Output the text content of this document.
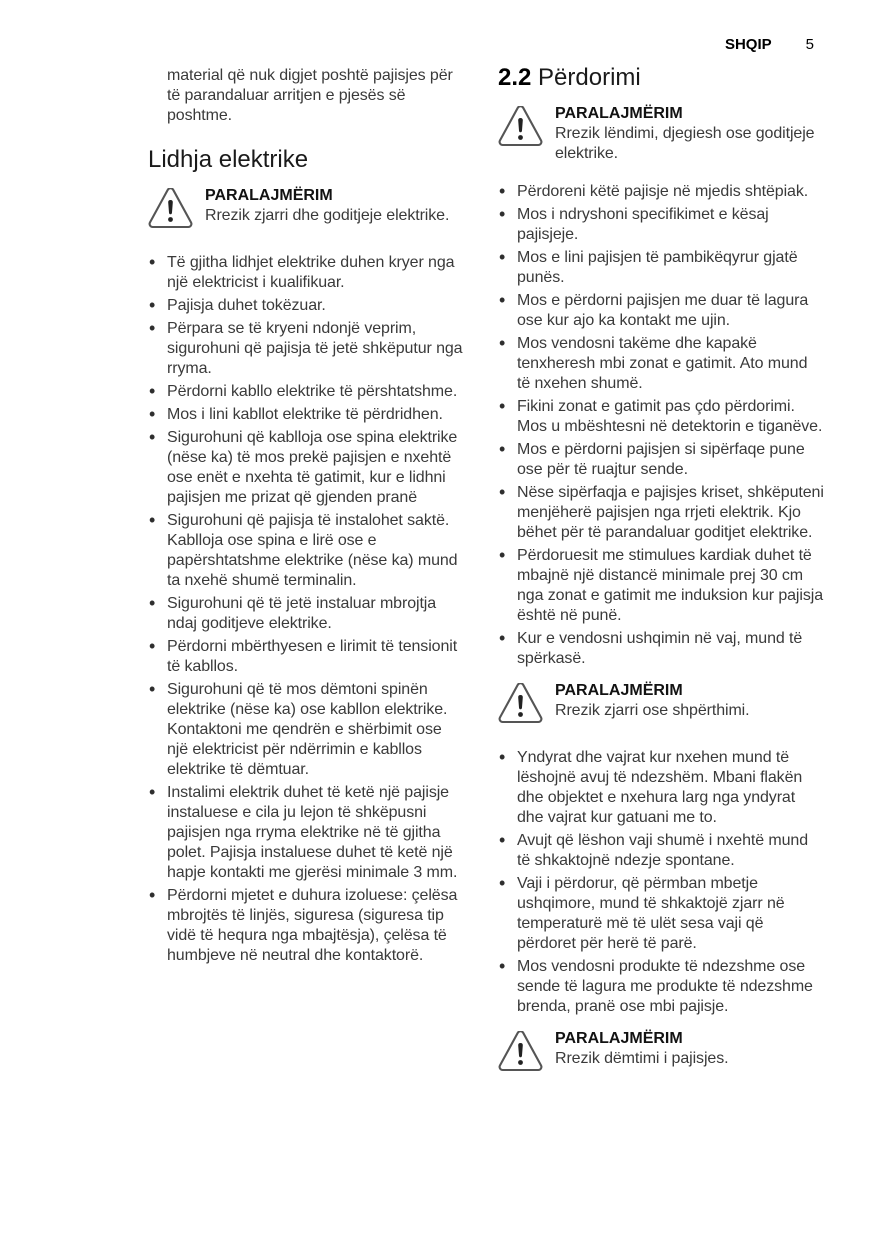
SHQIP 5

material që nuk digjet poshtë pajisjes për të parandaluar arritjen e pjesës së poshtme.

Lidhja elektrike
PARALAJMËRIM
Rrezik zjarri dhe goditjeje elektrike.
• Të gjitha lidhjet elektrike duhen kryer nga një elektricist i kualifikuar.
• Pajisja duhet tokëzuar.
• Përpara se të kryeni ndonjë veprim, sigurohuni që pajisja të jetë shkëputur nga rryma.
• Përdorni kabllo elektrike të përshtatshme.
• Mos i lini kabllot elektrike të përdridhen.
• Sigurohuni që kablloja ose spina elektrike (nëse ka) të mos prekë pajisjen e nxehtë ose enët e nxehta të gatimit, kur e lidhni pajisjen me prizat që gjenden pranë
• Sigurohuni që pajisja të instalohet saktë. Kablloja ose spina e lirë ose e papërshtatshme elektrike (nëse ka) mund ta nxehë shumë terminalin.
• Sigurohuni që të jetë instaluar mbrojtja ndaj goditjeve elektrike.
• Përdorni mbërthyesen e lirimit të tensionit të kabllos.
• Sigurohuni që të mos dëmtoni spinën elektrike (nëse ka) ose kabllon elektrike. Kontaktoni me qendrën e shërbimit ose një elektricist për ndërrimin e kabllos elektrike të dëmtuar.
• Instalimi elektrik duhet të ketë një pajisje instaluese e cila ju lejon të shkëpusni pajisjen nga rryma elektrike në të gjitha polet. Pajisja instaluese duhet të ketë një hapje kontakti me gjerësi minimale 3 mm.
• Përdorni mjetet e duhura izoluese: çelësa mbrojtës të linjës, siguresa (siguresa tip vidë të hequra nga mbajtësja), çelësa të humbjeve në neutral dhe kontaktorë.
2.2 Përdorimi
PARALAJMËRIM
Rrezik lëndimi, djegiesh ose goditjeje elektrike.
• Përdoreni këtë pajisje në mjedis shtëpiak.
• Mos i ndryshoni specifikimet e kësaj pajisjeje.
• Mos e lini pajisjen të pambikëqyrur gjatë punës.
• Mos e përdorni pajisjen me duar të lagura ose kur ajo ka kontakt me ujin.
• Mos vendosni takëme dhe kapakë tenxheresh mbi zonat e gatimit. Ato mund të nxehen shumë.
• Fikini zonat e gatimit pas çdo përdorimi. Mos u mbështesni në detektorin e tiganëve.
• Mos e përdorni pajisjen si sipërfaqe pune ose për të ruajtur sende.
• Nëse sipërfaqja e pajisjes kriset, shkëputeni menjëherë pajisjen nga rrjeti elektrik. Kjo bëhet për të parandaluar goditjet elektrike.
• Përdoruesit me stimulues kardiak duhet të mbajnë një distancë minimale prej 30 cm nga zonat e gatimit me induksion kur pajisja është në punë.
• Kur e vendosni ushqimin në vaj, mund të spërkasë.
PARALAJMËRIM
Rrezik zjarri ose shpërthimi.
• Yndyrat dhe vajrat kur nxehen mund të lëshojnë avuj të ndezshëm. Mbani flakën dhe objektet e nxehura larg nga yndyrat dhe vajrat kur gatuani me to.
• Avujt që lëshon vaji shumë i nxehtë mund të shkaktojnë ndezje spontane.
• Vaji i përdorur, që përmban mbetje ushqimore, mund të shkaktojë zjarr në temperaturë më të ulët sesa vaji që përdoret për herë të parë.
• Mos vendosni produkte të ndezshme ose sende të lagura me produkte të ndezshme brenda, pranë ose mbi pajisje.
PARALAJMËRIM
Rrezik dëmtimi i pajisjes.
